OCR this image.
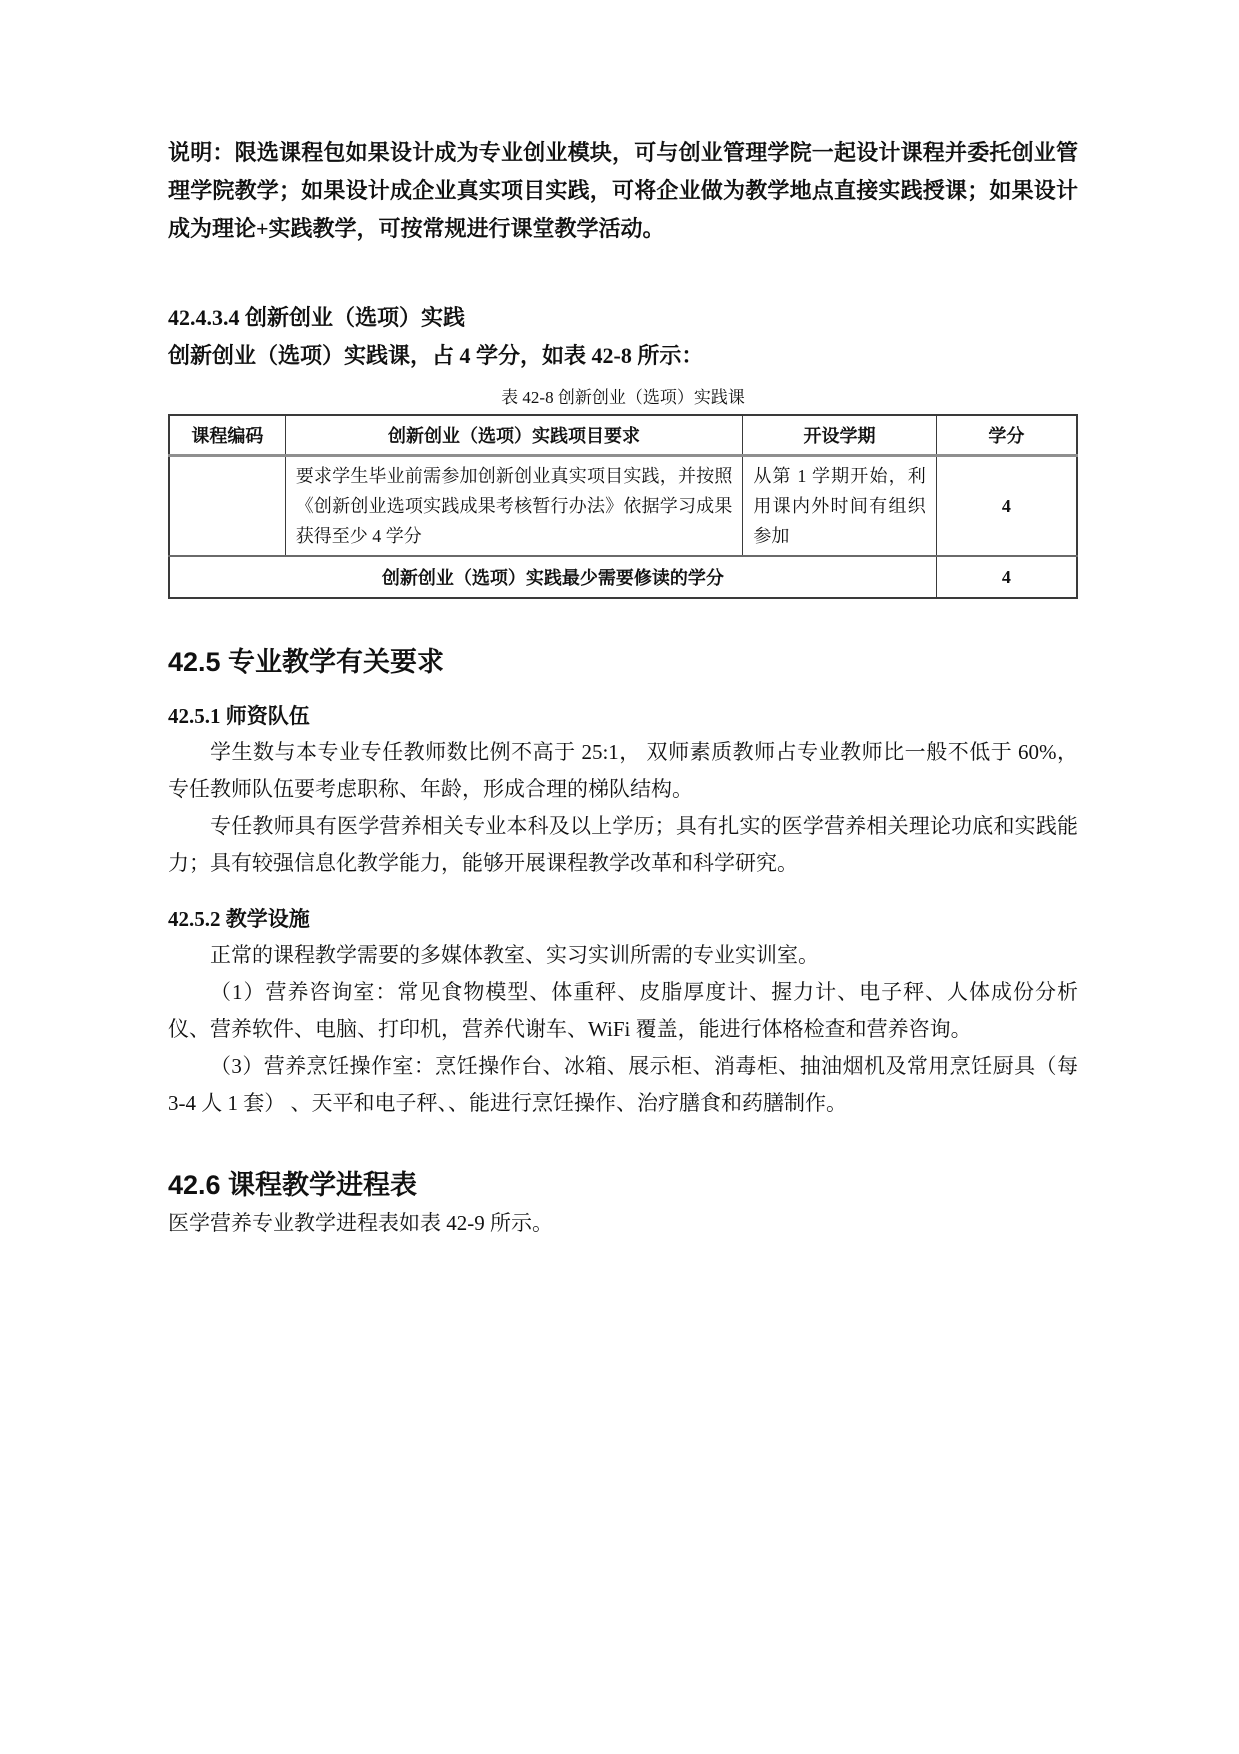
说明：限选课程包如果设计成为专业创业模块，可与创业管理学院一起设计课程并委托创业管理学院教学；如果设计成企业真实项目实践，可将企业做为教学地点直接实践授课；如果设计成为理论+实践教学，可按常规进行课堂教学活动。

42.4.3.4 创新创业（选项）实践

创新创业（选项）实践课，占 4 学分，如表 42-8 所示：

表 42-8 创新创业（选项）实践课
课程编码	创新创业（选项）实践项目要求	开设学期	学分
	要求学生毕业前需参加创新创业真实项目实践，并按照《创新创业选项实践成果考核暂行办法》依据学习成果获得至少 4 学分	从第 1 学期开始，利用课内外时间有组织参加	4
创新创业（选项）实践最少需要修读的学分			4
42.5 专业教学有关要求
42.5.1 师资队伍

学生数与本专业专任教师数比例不高于 25:1， 双师素质教师占专业教师比一般不低于 60%，专任教师队伍要考虑职称、年龄，形成合理的梯队结构。

专任教师具有医学营养相关专业本科及以上学历；具有扎实的医学营养相关理论功底和实践能力；具有较强信息化教学能力，能够开展课程教学改革和科学研究。

42.5.2 教学设施

正常的课程教学需要的多媒体教室、实习实训所需的专业实训室。

（1）营养咨询室：常见食物模型、体重秤、皮脂厚度计、握力计、电子秤、人体成份分析仪、营养软件、电脑、打印机，营养代谢车、WiFi 覆盖，能进行体格检查和营养咨询。

（3）营养烹饪操作室：烹饪操作台、冰箱、展示柜、消毒柜、抽油烟机及常用烹饪厨具（每 3-4 人 1 套） 、天平和电子秤、、能进行烹饪操作、治疗膳食和药膳制作。

42.6 课程教学进程表

医学营养专业教学进程表如表 42-9 所示。
